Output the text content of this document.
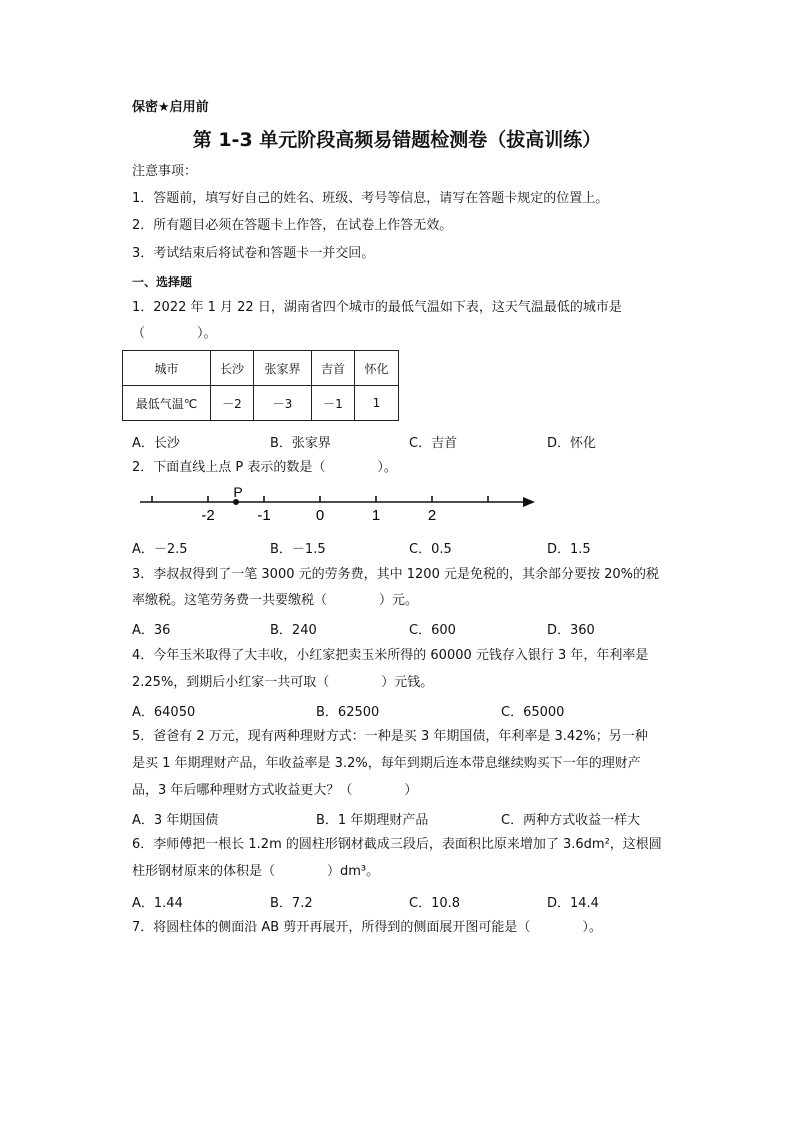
保密★启用前
第 1-3 单元阶段高频易错题检测卷（拔高训练）
注意事项：
1．答题前，填写好自己的姓名、班级、考号等信息，请写在答题卡规定的位置上。
2．所有题目必须在答题卡上作答，在试卷上作答无效。
3．考试结束后将试卷和答题卡一并交回。
一、选择题
1．2022 年 1 月 22 日，湖南省四个城市的最低气温如下表，这天气温最低的城市是
（　　　　）。
城市	长沙	张家界	吉首	怀化
最低气温℃	－2	－3	－1	1
A．长沙	B．张家界	C．吉首	D．怀化
2．下面直线上点 P 表示的数是（　　　　）。
P
-2	-1	0	1	2
A．－2.5	B．－1.5	C．0.5	D．1.5
3．李叔叔得到了一笔 3000 元的劳务费，其中 1200 元是免税的，其余部分要按 20%的税
率缴税。这笔劳务费一共要缴税（　　　　）元。
A．36	B．240	C．600	D．360
4．今年玉米取得了大丰收，小红家把卖玉米所得的 60000 元钱存入银行 3 年，年利率是
2.25%，到期后小红家一共可取（　　　　）元钱。
A．64050	B．62500	C．65000
5．爸爸有 2 万元，现有两种理财方式：一种是买 3 年期国债，年利率是 3.42%；另一种
是买 1 年期理财产品，年收益率是 3.2%，每年到期后连本带息继续购买下一年的理财产
品，3 年后哪种理财方式收益更大？（　　　　）
A．3 年期国债	B．1 年期理财产品	C．两种方式收益一样大
6．李师傅把一根长 1.2m 的圆柱形钢材截成三段后，表面积比原来增加了 3.6dm²，这根圆
柱形钢材原来的体积是（　　　　）dm³。
A．1.44	B．7.2	C．10.8	D．14.4
7．将圆柱体的侧面沿 AB 剪开再展开，所得到的侧面展开图可能是（　　　　）。
